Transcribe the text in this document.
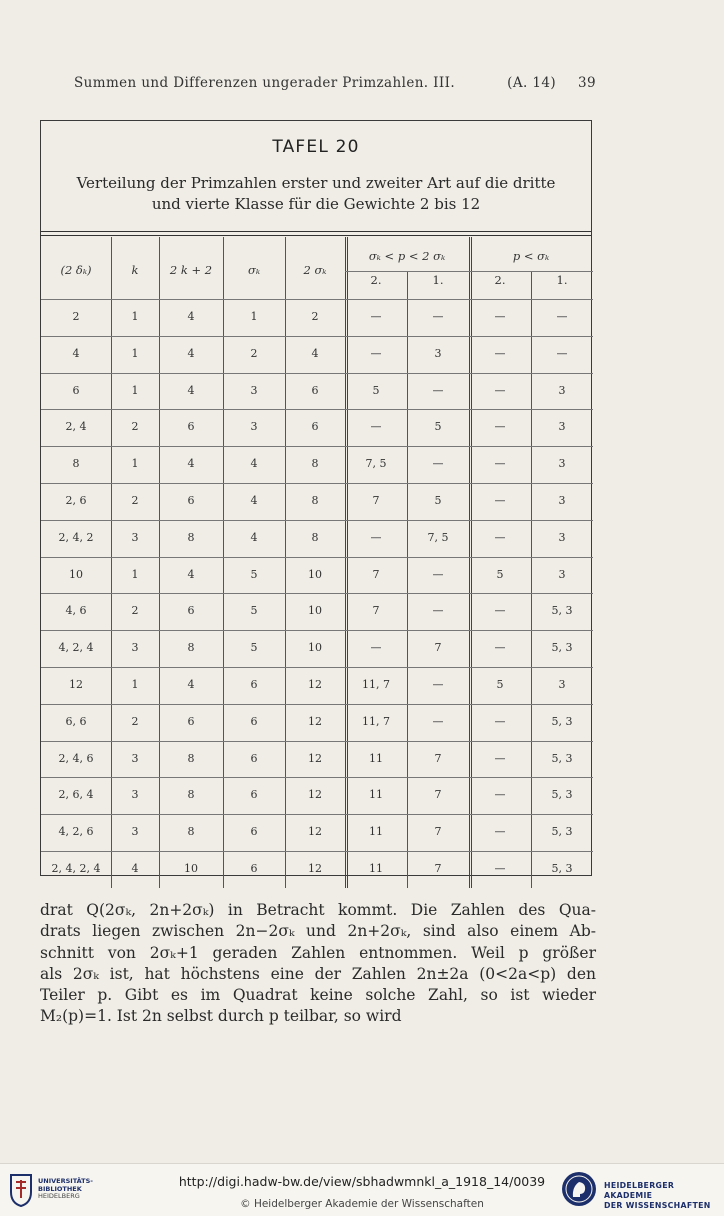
Summen und Differenzen ungerader Primzahlen. III.	(A. 14) 39
TAFEL 20
Verteilung der Primzahlen erster und zweiter Art auf die dritte
und vierte Klasse für die Gewichte 2 bis 12
(2 δₖ)	k	2 k + 2	σₖ	2 σₖ
σₖ < p < 2 σₖ	p < σₖ
2.	1.	2.	1.
2	1	4	1	2	—	—	—	—
4	1	4	2	4	—	3	—	—
6	1	4	3	6	5	—	—	3
2, 4	2	6	3	6	—	5	—	3
8	1	4	4	8	7, 5	—	—	3
2, 6	2	6	4	8	7	5	—	3
2, 4, 2	3	8	4	8	—	7, 5	—	3
10	1	4	5	10	7	—	5	3
4, 6	2	6	5	10	7	—	—	5, 3
4, 2, 4	3	8	5	10	—	7	—	5, 3
12	1	4	6	12	11, 7	—	5	3
6, 6	2	6	6	12	11, 7	—	—	5, 3
2, 4, 6	3	8	6	12	11	7	—	5, 3
2, 6, 4	3	8	6	12	11	7	—	5, 3
4, 2, 6	3	8	6	12	11	7	—	5, 3
2, 4, 2, 4	4	10	6	12	11	7	—	5, 3
drat Q(2σₖ, 2n+2σₖ) in Betracht kommt. Die Zahlen des Qua-
drats liegen zwischen 2n−2σₖ und 2n+2σₖ, sind also einem Ab-
schnitt von 2σₖ+1 geraden Zahlen entnommen. Weil p größer
als 2σₖ ist, hat höchstens eine der Zahlen 2n±2a (0<2a<p) den
Teiler p. Gibt es im Quadrat keine solche Zahl, so ist wieder
M₂(p)=1. Ist 2n selbst durch p teilbar, so wird
UNIVERSITÄTS-
BIBLIOTHEK
HEIDELBERG
http://digi.hadw-bw.de/view/sbhadwmnkl_a_1918_14/0039
© Heidelberger Akademie der Wissenschaften
HEIDELBERGER AKADEMIE
DER WISSENSCHAFTEN
